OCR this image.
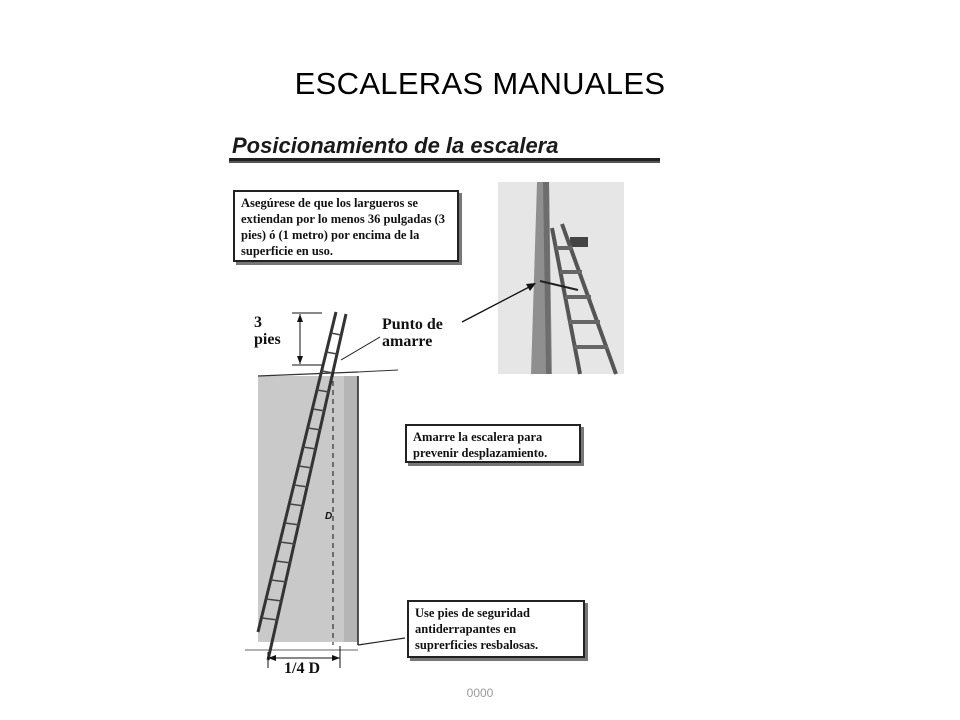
ESCALERAS MANUALES
Posicionamiento de la escalera
Asegúrese de que los largueros se extiendan por lo menos 36 pulgadas (3 pies) ó (1 metro) por encima de la superficie en uso.
Amarre la escalera para prevenir desplazamiento.
Use pies de seguridad antiderrapantes en suprerficies resbalosas.
3
pies
Punto de
amarre
D
1/4 D
0000
